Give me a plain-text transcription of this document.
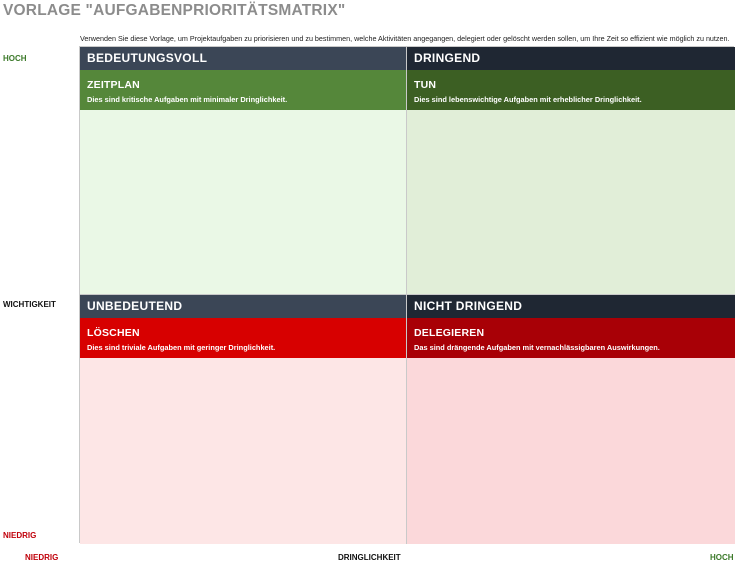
VORLAGE "AUFGABENPRIORITÄTSMATRIX"
Verwenden Sie diese Vorlage, um Projektaufgaben zu priorisieren und zu bestimmen, welche Aktivitäten angegangen, delegiert oder gelöscht werden sollen, um Ihre Zeit so effizient wie möglich zu nutzen.
HOCH
WICHTIGKEIT
NIEDRIG
NIEDRIG	DRINGLICHKEIT	HOCH
BEDEUTUNGSVOLL
ZEITPLAN
Dies sind kritische Aufgaben mit minimaler Dringlichkeit.
DRINGEND
TUN
Dies sind lebenswichtige Aufgaben mit erheblicher Dringlichkeit.
UNBEDEUTEND
LÖSCHEN
Dies sind triviale Aufgaben mit geringer Dringlichkeit.
NICHT DRINGEND
DELEGIEREN
Das sind drängende Aufgaben mit vernachlässigbaren Auswirkungen.
